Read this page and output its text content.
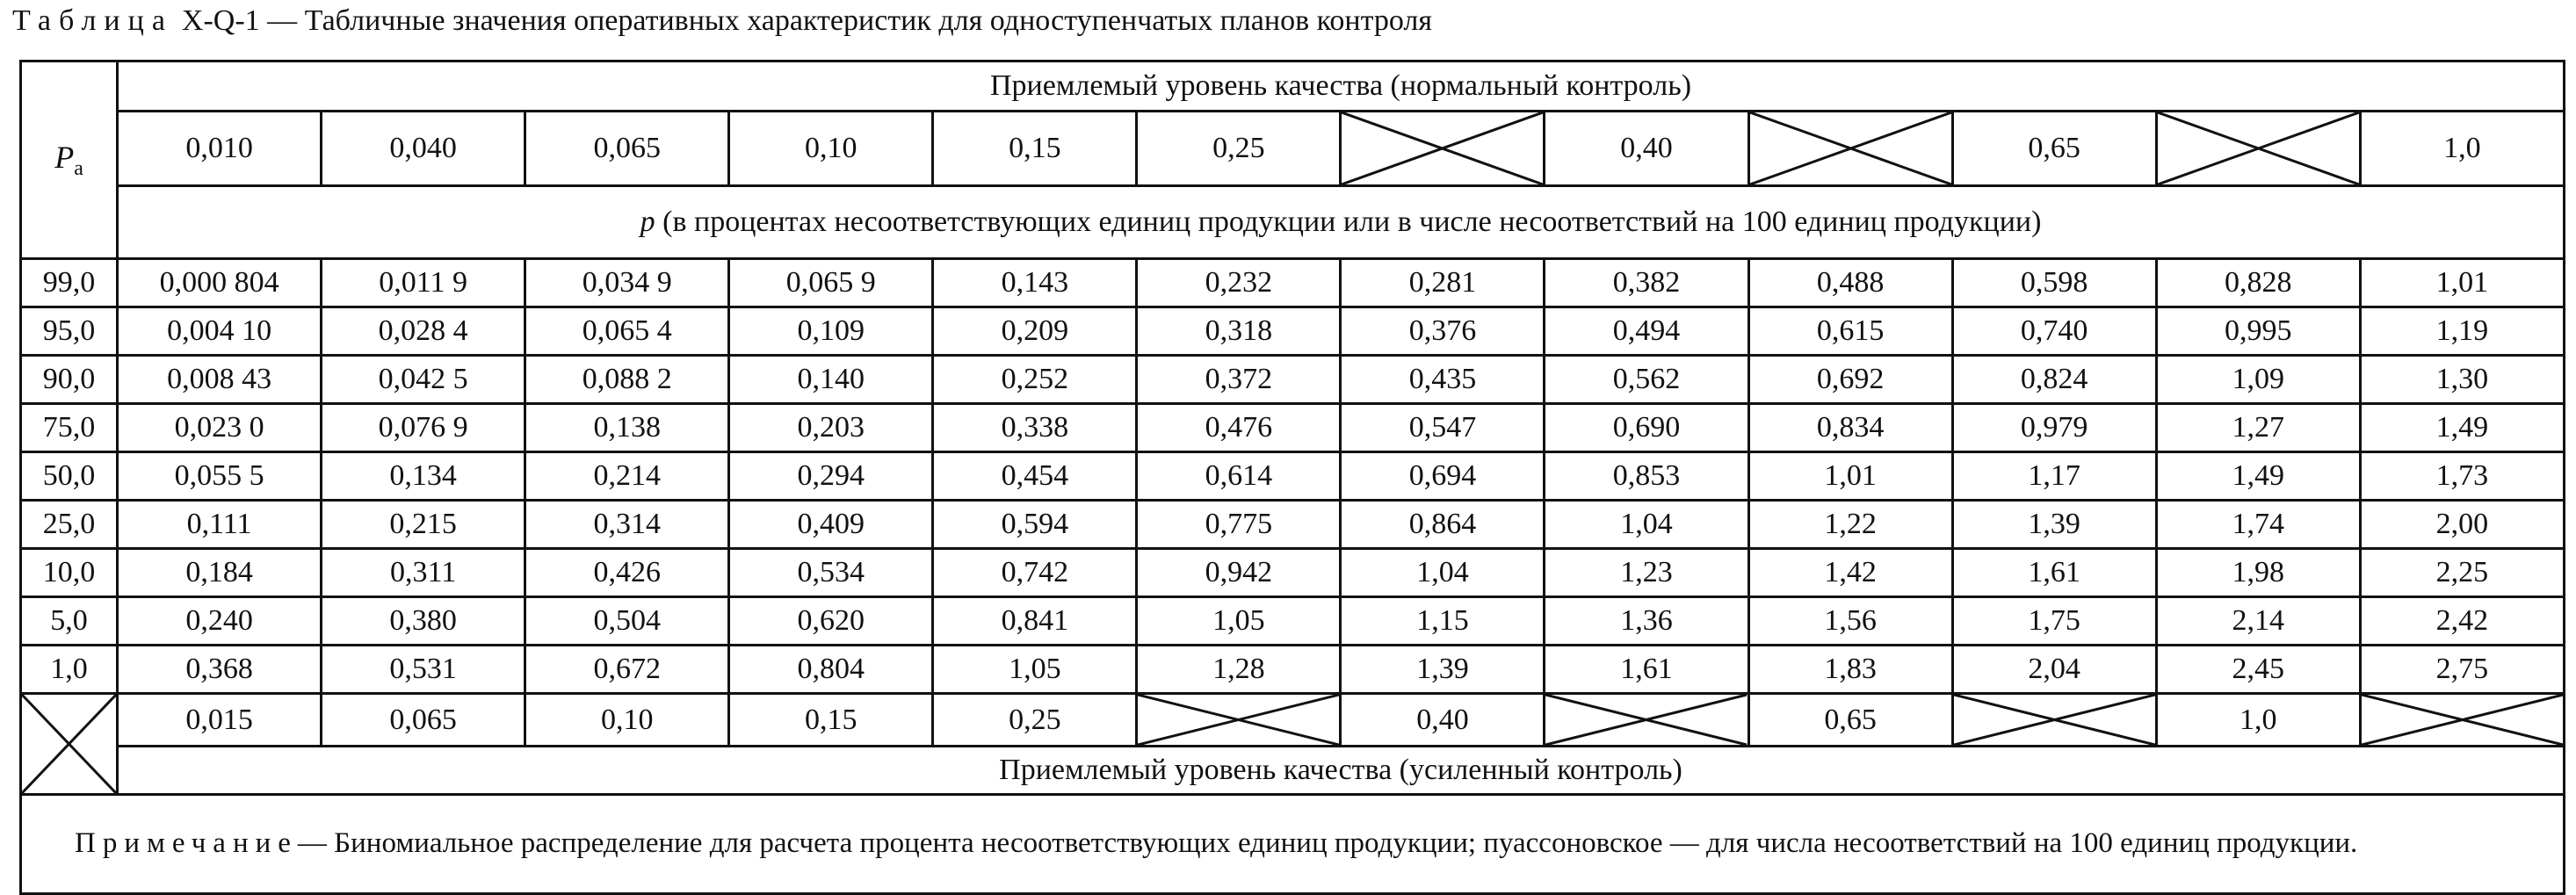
Таблица X-Q-1 — Табличные значения оперативных характеристик для одноступенчатых планов контроля
$P_a$	Приемлемый уровень качества (нормальный контроль)											
	0,010	0,040	0,065	0,10	0,15	0,25		0,40		0,65		1,0
	p (в процентах несоответствующих единиц продукции или в числе несоответствий на 100 единиц продукции)											
99,0	0,000 804	0,011 9	0,034 9	0,065 9	0,143	0,232	0,281	0,382	0,488	0,598	0,828	1,01
95,0	0,004 10	0,028 4	0,065 4	0,109	0,209	0,318	0,376	0,494	0,615	0,740	0,995	1,19
90,0	0,008 43	0,042 5	0,088 2	0,140	0,252	0,372	0,435	0,562	0,692	0,824	1,09	1,30
75,0	0,023 0	0,076 9	0,138	0,203	0,338	0,476	0,547	0,690	0,834	0,979	1,27	1,49
50,0	0,055 5	0,134	0,214	0,294	0,454	0,614	0,694	0,853	1,01	1,17	1,49	1,73
25,0	0,111	0,215	0,314	0,409	0,594	0,775	0,864	1,04	1,22	1,39	1,74	2,00
10,0	0,184	0,311	0,426	0,534	0,742	0,942	1,04	1,23	1,42	1,61	1,98	2,25
5,0	0,240	0,380	0,504	0,620	0,841	1,05	1,15	1,36	1,56	1,75	2,14	2,42
1,0	0,368	0,531	0,672	0,804	1,05	1,28	1,39	1,61	1,83	2,04	2,45	2,75

	0,015	0,065	0,10	0,15	0,25		0,40		0,65		1,0	

	Приемлемый уровень качества (усиленный контроль)											
Примечание— Биномиальное распределение для расчета процента несоответствующих единиц продукции; пуассоновское — для числа несоответствий на 100 единиц продукции.												
